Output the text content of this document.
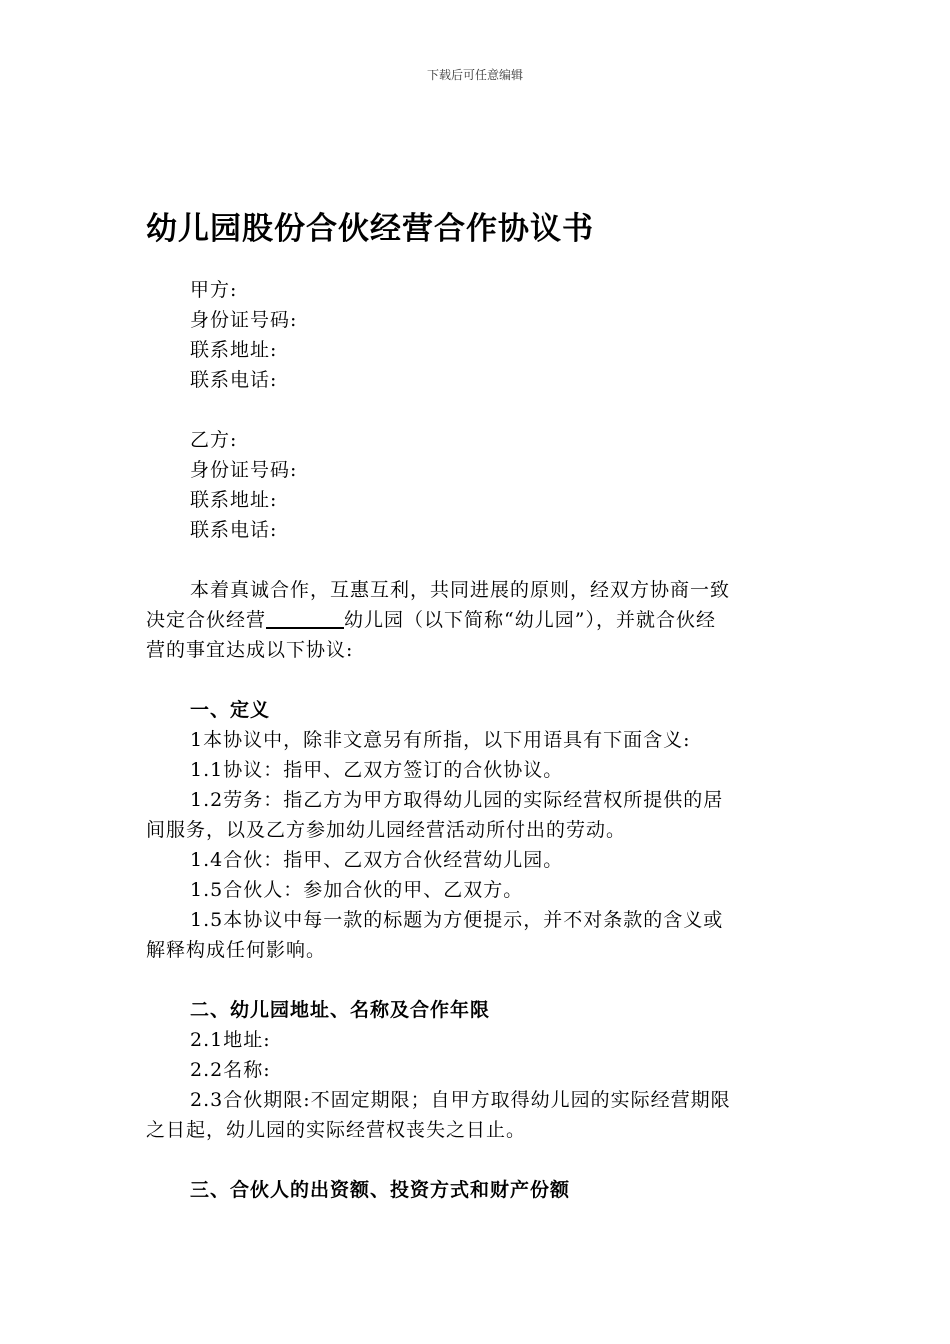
下载后可任意编辑
幼儿园股份合伙经营合作协议书
甲方:
身份证号码:
联系地址:
联系电话:
乙方:
身份证号码:
联系地址:
联系电话:
本着真诚合作，互惠互利，共同进展的原则，经双方协商一致
决定合伙经营	幼儿园（以下简称“幼儿园”），并就合伙经
营的事宜达成以下协议:
一、定义
1本协议中，除非文意另有所指，以下用语具有下面含义:
1.1协议：指甲、乙双方签订的合伙协议。
1.2劳务：指乙方为甲方取得幼儿园的实际经营权所提供的居
间服务，以及乙方参加幼儿园经营活动所付出的劳动。
1.4合伙：指甲、乙双方合伙经营幼儿园。
1.5合伙人：参加合伙的甲、乙双方。
1.5本协议中每一款的标题为方便提示，并不对条款的含义或
解释构成任何影响。
二、幼儿园地址、名称及合作年限
2.1地址:
2.2名称:
2.3合伙期限:不固定期限；自甲方取得幼儿园的实际经营期限
之日起，幼儿园的实际经营权丧失之日止。
三、合伙人的出资额、投资方式和财产份额
